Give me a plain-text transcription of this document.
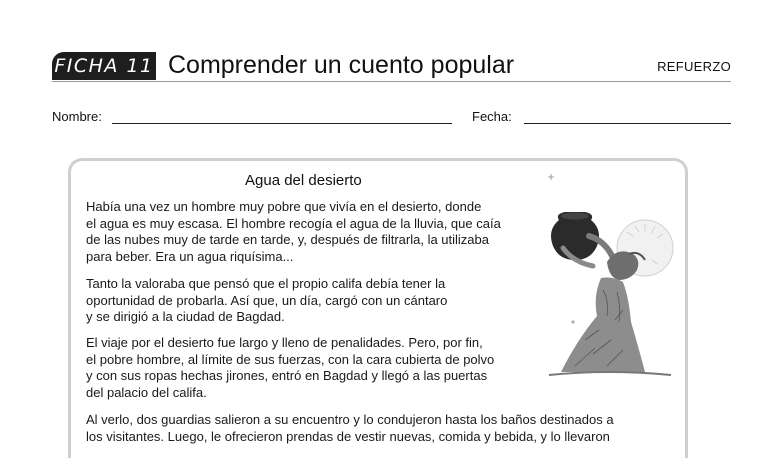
FICHA 11 Comprender un cuento popular	REFUERZO
Nombre:	Fecha:
Agua del desierto

Había una vez un hombre muy pobre que vivía en el desierto, donde
el agua es muy escasa. El hombre recogía el agua de la lluvia, que caía
de las nubes muy de tarde en tarde, y, después de filtrarla, la utilizaba
para beber. Era un agua riquísima...

Tanto la valoraba que pensó que el propio califa debía tener la
oportunidad de probarla. Así que, un día, cargó con un cántaro
y se dirigió a la ciudad de Bagdad.

El viaje por el desierto fue largo y lleno de penalidades. Pero, por fin,
el pobre hombre, al límite de sus fuerzas, con la cara cubierta de polvo
y con sus ropas hechas jirones, entró en Bagdad y llegó a las puertas
del palacio del califa.

Al verlo, dos guardias salieron a su encuentro y lo condujeron hasta los baños destinados a
los visitantes. Luego, le ofrecieron prendas de vestir nuevas, comida y bebida, y lo llevaron
